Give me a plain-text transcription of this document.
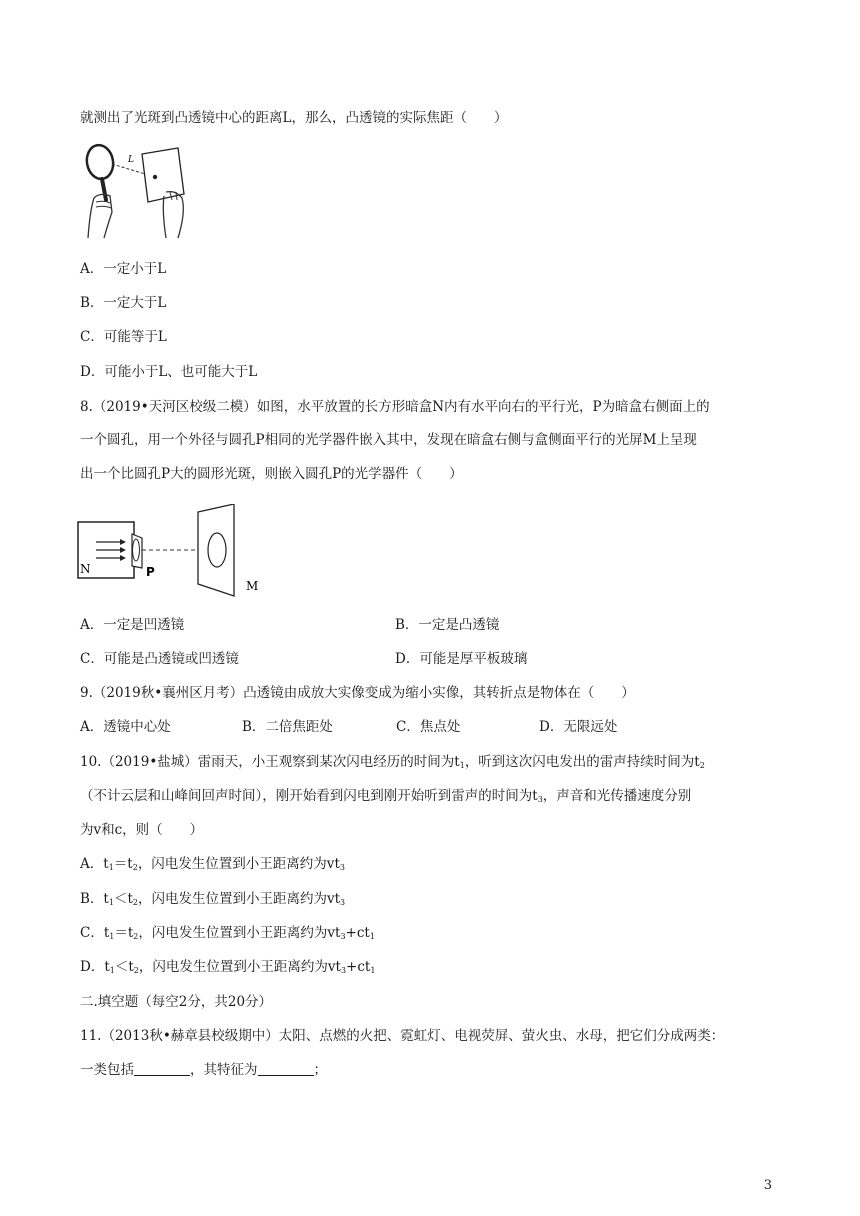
就测出了光斑到凸透镜中心的距离L，那么，凸透镜的实际焦距（　　）
L
A．一定小于L
B．一定大于L
C．可能等于L
D．可能小于L、也可能大于L
8.（2019•天河区校级二模）如图，水平放置的长方形暗盒N内有水平向右的平行光，P为暗盒右侧面上的
一个圆孔，用一个外径与圆孔P相同的光学器件嵌入其中，发现在暗盒右侧与盒侧面平行的光屏M上呈现
出一个比圆孔P大的圆形光斑，则嵌入圆孔P的光学器件（　　）
N	P
M
A．一定是凹透镜	B．一定是凸透镜
C．可能是凸透镜或凹透镜	D．可能是厚平板玻璃
9.（2019秋•襄州区月考）凸透镜由成放大实像变成为缩小实像，其转折点是物体在（　　）
A．透镜中心处	B．二倍焦距处	C．焦点处	D．无限远处
10.（2019•盐城）雷雨天，小王观察到某次闪电经历的时间为$t_1$，听到这次闪电发出的雷声持续时间为$t_2$
（不计云层和山峰间回声时间），刚开始看到闪电到刚开始听到雷声的时间为$t_3$，声音和光传播速度分别
为v和c，则（　　）
A．$t_1=t_2$，闪电发生位置到小王距离约为$vt_3$
B．$t_1<t_2$，闪电发生位置到小王距离约为$vt_3$
C．$t_1=t_2$，闪电发生位置到小王距离约为$vt_3+ct_1$
D．$t_1<t_2$，闪电发生位置到小王距离约为$vt_3+ct_1$
二.填空题（每空2分，共20分）
11.（2013秋•赫章县校级期中）太阳、点燃的火把、霓虹灯、电视荧屏、萤火虫、水母，把它们分成两类：
一类包括	，其特征为	；
3
